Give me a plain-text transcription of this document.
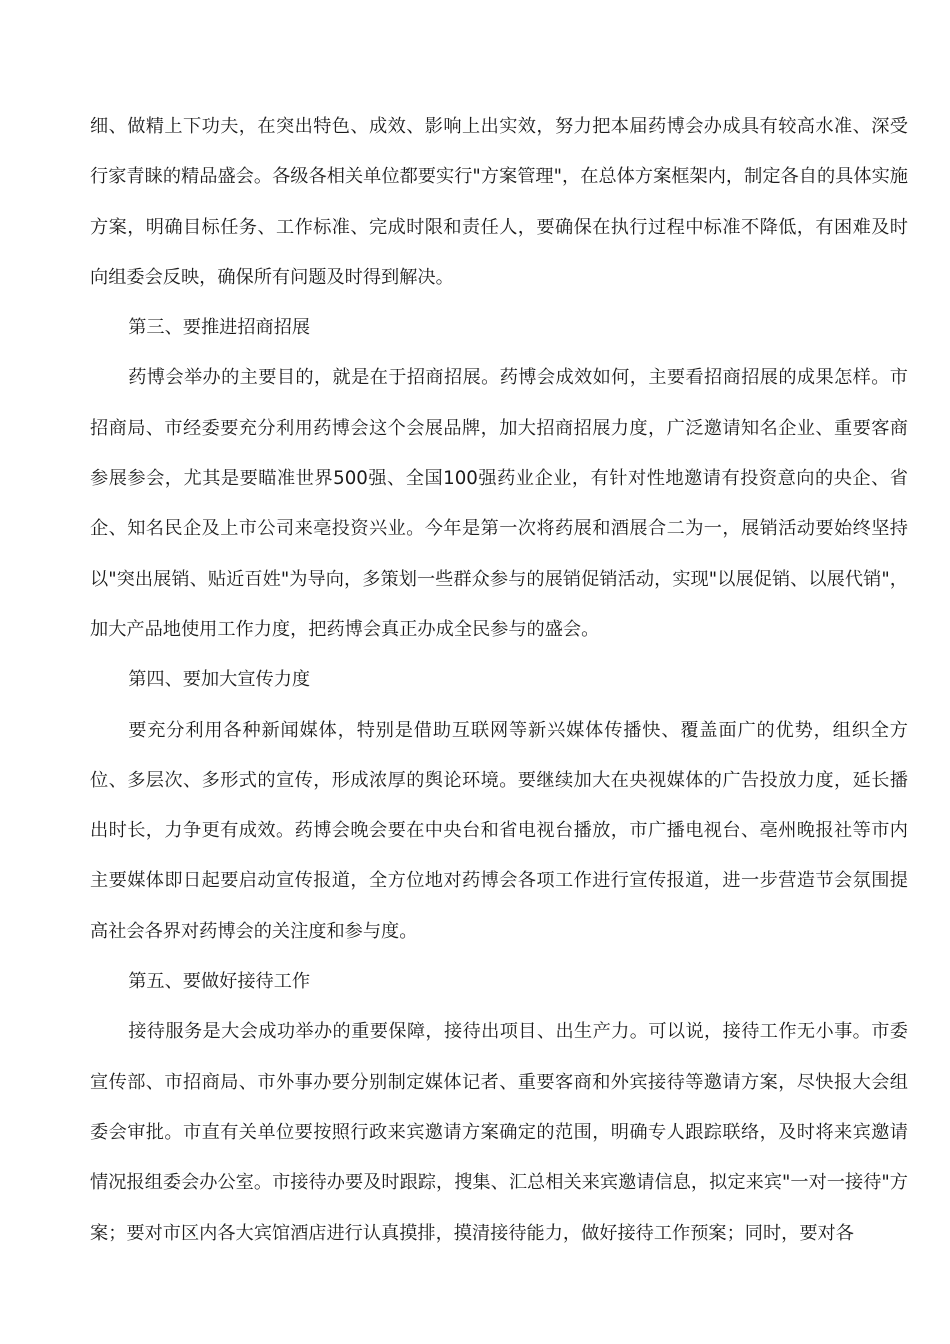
细、做精上下功夫，在突出特色、成效、影响上出实效，努力把本届药博会办成具有较高水准、深受行家青睐的精品盛会。各级各相关单位都要实行"方案管理"，在总体方案框架内，制定各自的具体实施方案，明确目标任务、工作标准、完成时限和责任人，要确保在执行过程中标准不降低，有困难及时向组委会反映，确保所有问题及时得到解决。

第三、要推进招商招展

药博会举办的主要目的，就是在于招商招展。药博会成效如何，主要看招商招展的成果怎样。市招商局、市经委要充分利用药博会这个会展品牌，加大招商招展力度，广泛邀请知名企业、重要客商参展参会，尤其是要瞄准世界500强、全国100强药业企业，有针对性地邀请有投资意向的央企、省企、知名民企及上市公司来亳投资兴业。今年是第一次将药展和酒展合二为一，展销活动要始终坚持以"突出展销、贴近百姓"为导向，多策划一些群众参与的展销促销活动，实现"以展促销、以展代销"，加大产品地使用工作力度，把药博会真正办成全民参与的盛会。

第四、要加大宣传力度

要充分利用各种新闻媒体，特别是借助互联网等新兴媒体传播快、覆盖面广的优势，组织全方位、多层次、多形式的宣传，形成浓厚的舆论环境。要继续加大在央视媒体的广告投放力度，延长播出时长，力争更有成效。药博会晚会要在中央台和省电视台播放，市广播电视台、亳州晚报社等市内主要媒体即日起要启动宣传报道，全方位地对药博会各项工作进行宣传报道，进一步营造节会氛围提高社会各界对药博会的关注度和参与度。

第五、要做好接待工作

接待服务是大会成功举办的重要保障，接待出项目、出生产力。可以说，接待工作无小事。市委宣传部、市招商局、市外事办要分别制定媒体记者、重要客商和外宾接待等邀请方案，尽快报大会组委会审批。市直有关单位要按照行政来宾邀请方案确定的范围，明确专人跟踪联络，及时将来宾邀请情况报组委会办公室。市接待办要及时跟踪，搜集、汇总相关来宾邀请信息，拟定来宾"一对一接待"方案；要对市区内各大宾馆酒店进行认真摸排，摸清接待能力，做好接待工作预案；同时，要对各
